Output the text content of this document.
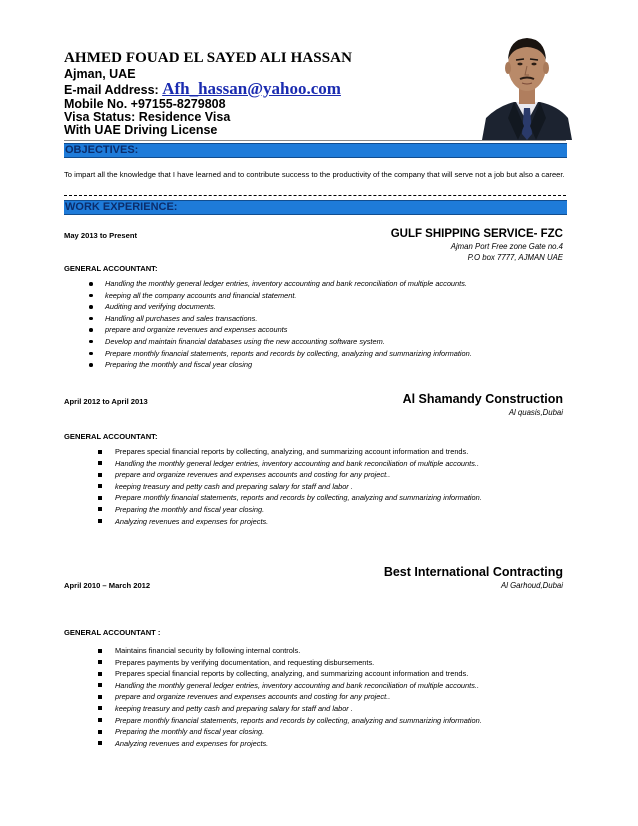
AHMED FOUAD EL SAYED ALI HASSAN
Ajman, UAE
E-mail Address: Afh_hassan@yahoo.com
Mobile No. +97155-8279808
Visa Status: Residence Visa
With UAE Driving License
OBJECTIVES:
To impart all the knowledge that I have learned and to contribute success to the productivity of the company that will serve not a job but also a career.
WORK EXPERIENCE:
May 2013 to Present	GULF SHIPPING SERVICE- FZC
Ajman Port Free zone Gate no.4
P.O box 7777, AJMAN UAE
GENERAL ACCOUNTANT:
Handling the monthly general ledger entries, inventory accounting and bank reconciliation of multiple accounts.
keeping all the company accounts and financial statement.
Auditing and verifying documents.
Handling all purchases and sales transactions.
prepare and organize revenues and expenses accounts
Develop and maintain financial databases using the new accounting software system.
Prepare monthly financial statements, reports and records by collecting, analyzing and summarizing information.
Preparing the monthly and fiscal year closing
April 2012 to April 2013	Al Shamandy Construction
Al quasis,Dubai
GENERAL ACCOUNTANT:
Prepares special financial reports by collecting, analyzing, and summarizing account information and trends.
Handling the monthly general ledger entries, inventory accounting and bank reconciliation of multiple accounts..
prepare and organize revenues and expenses accounts and costing for any project..
keeping treasury and petty cash and preparing salary for staff and labor .
Prepare monthly financial statements, reports and records by collecting, analyzing and summarizing information.
Preparing the monthly and fiscal year closing.
Analyzing revenues and expenses for projects.
Best International Contracting
April 2010 – March 2012	Al Garhoud,Dubai
GENERAL ACCOUNTANT :
Maintains financial security by following internal controls.
Prepares payments by verifying documentation, and requesting disbursements.
Prepares special financial reports by collecting, analyzing, and summarizing account information and trends.
Handling the monthly general ledger entries, inventory accounting and bank reconciliation of multiple accounts..
prepare and organize revenues and expenses accounts and costing for any project..
keeping treasury and petty cash and preparing salary for staff and labor .
Prepare monthly financial statements, reports and records by collecting, analyzing and summarizing information.
Preparing the monthly and fiscal year closing.
Analyzing revenues and expenses for projects.
